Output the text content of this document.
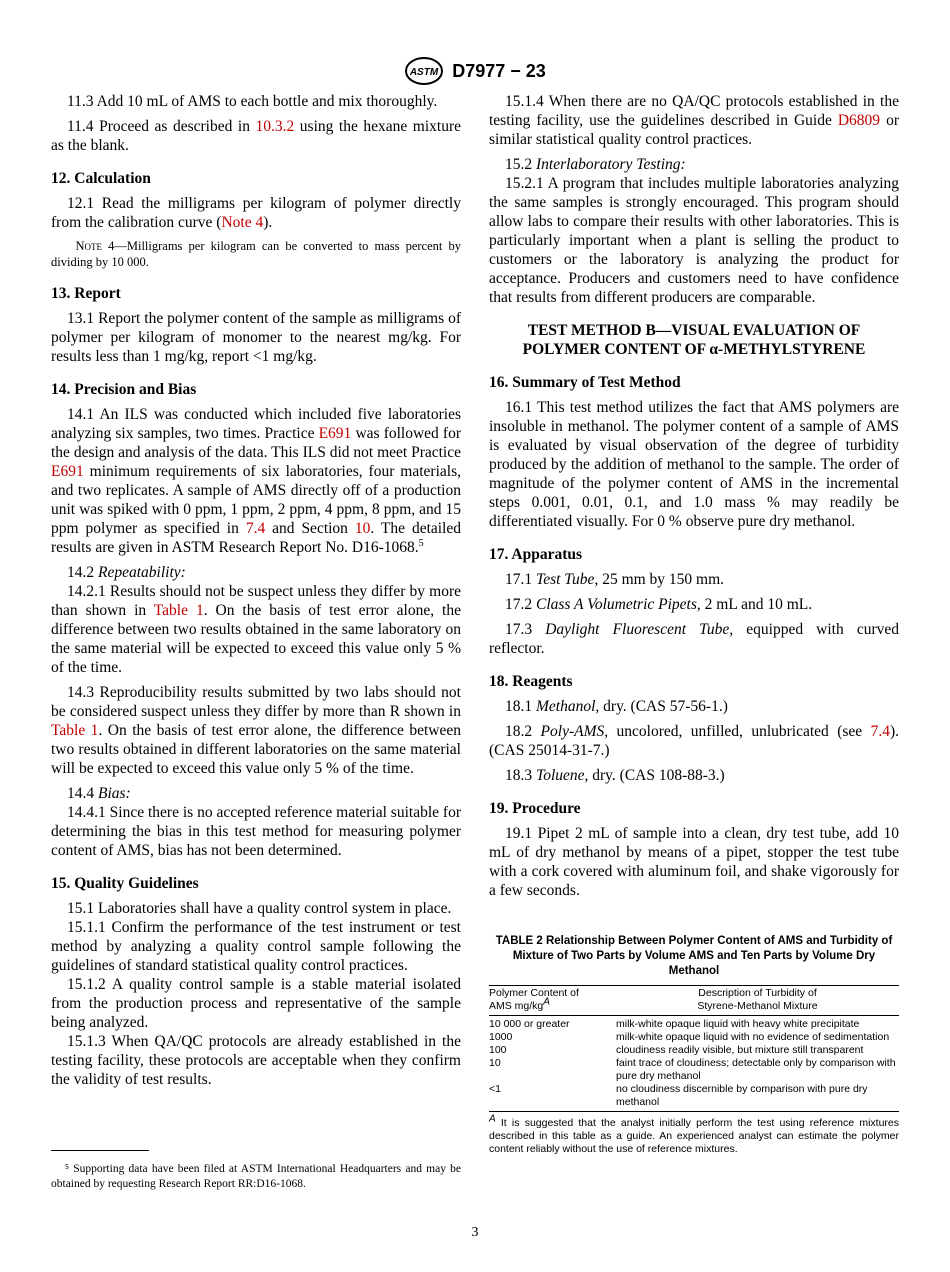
ASTM D7977 − 23

11.3 Add 10 mL of AMS to each bottle and mix thoroughly.

11.4 Proceed as described in 10.3.2 using the hexane mixture as the blank.

12. Calculation

12.1 Read the milligrams per kilogram of polymer directly from the calibration curve (Note 4).

Note 4—Milligrams per kilogram can be converted to mass percent by dividing by 10 000.

13. Report

13.1 Report the polymer content of the sample as milligrams of polymer per kilogram of monomer to the nearest mg/kg. For results less than 1 mg/kg, report <1 mg/kg.

14. Precision and Bias

14.1 An ILS was conducted which included five laboratories analyzing six samples, two times. Practice E691 was followed for the design and analysis of the data. This ILS did not meet Practice E691 minimum requirements of six laboratories, four materials, and two replicates. A sample of AMS directly off of a production unit was spiked with 0 ppm, 1 ppm, 2 ppm, 4 ppm, 8 ppm, and 15 ppm polymer as specified in 7.4 and Section 10. The detailed results are given in ASTM Research Report No. D16-1068.$^5$

14.2 Repeatability:

14.2.1 Results should not be suspect unless they differ by more than shown in Table 1. On the basis of test error alone, the difference between two results obtained in the same laboratory on the same material will be expected to exceed this value only 5 % of the time.

14.3 Reproducibility results submitted by two labs should not be considered suspect unless they differ by more than R shown in Table 1. On the basis of test error alone, the difference between two results obtained in different laboratories on the same material will be expected to exceed this value only 5 % of the time.

14.4 Bias:

14.4.1 Since there is no accepted reference material suitable for determining the bias in this test method for measuring polymer content of AMS, bias has not been determined.

15. Quality Guidelines

15.1 Laboratories shall have a quality control system in place.

15.1.1 Confirm the performance of the test instrument or test method by analyzing a quality control sample following the guidelines of standard statistical quality control practices.

15.1.2 A quality control sample is a stable material isolated from the production process and representative of the sample being analyzed.

15.1.3 When QA/QC protocols are already established in the testing facility, these protocols are acceptable when they confirm the validity of test results.

⁵ Supporting data have been filed at ASTM International Headquarters and may be obtained by requesting Research Report RR:D16-1068.

15.1.4 When there are no QA/QC protocols established in the testing facility, use the guidelines described in Guide D6809 or similar statistical quality control practices.

15.2 Interlaboratory Testing:

15.2.1 A program that includes multiple laboratories analyzing the same samples is strongly encouraged. This program should allow labs to compare their results with other laboratories. This is particularly important when a plant is selling the product to customers or the laboratory is analyzing the product for acceptance. Producers and customers need to have confidence that results from different producers are comparable.

TEST METHOD B—VISUAL EVALUATION OF
POLYMER CONTENT OF α-METHYLSTYRENE
16. Summary of Test Method

16.1 This test method utilizes the fact that AMS polymers are insoluble in methanol. The polymer content of a sample of AMS is evaluated by visual observation of the degree of turbidity produced by the addition of methanol to the sample. The order of magnitude of the polymer content of AMS in the incremental steps 0.001, 0.01, 0.1, and 1.0 mass % may readily be differentiated visually. For 0 % observe pure dry methanol.

17. Apparatus

17.1 Test Tube, 25 mm by 150 mm.

17.2 Class A Volumetric Pipets, 2 mL and 10 mL.

17.3 Daylight Fluorescent Tube, equipped with curved reflector.

18. Reagents

18.1 Methanol, dry. (CAS 57-56-1.)

18.2 Poly-AMS, uncolored, unfilled, unlubricated (see 7.4). (CAS 25014-31-7.)

18.3 Toluene, dry. (CAS 108-88-3.)

19. Procedure

19.1 Pipet 2 mL of sample into a clean, dry test tube, add 10 mL of dry methanol by means of a pipet, stopper the test tube with a cork covered with aluminum foil, and shake vigorously for a few seconds.

TABLE 2 Relationship Between Polymer Content of AMS and Turbidity of Mixture of Two Parts by Volume AMS and Ten Parts by Volume Dry Methanol
Polymer Content of
AMS $mg/kg^A$	Description of Turbidity of
Styrene-Methanol Mixture
10 000 or greater	milk-white opaque liquid with heavy white precipitate
1000	milk-white opaque liquid with no evidence of sedimentation
100	cloudiness readily visible, but mixture still transparent
10	faint trace of cloudiness; detectable only by comparison with pure dry methanol
<1	no cloudiness discernible by comparison with pure dry methanol
$^A$ It is suggested that the analyst initially perform the test using reference mixtures described in this table as a guide. An experienced analyst can estimate the polymer content reliably without the use of reference mixtures.
3
